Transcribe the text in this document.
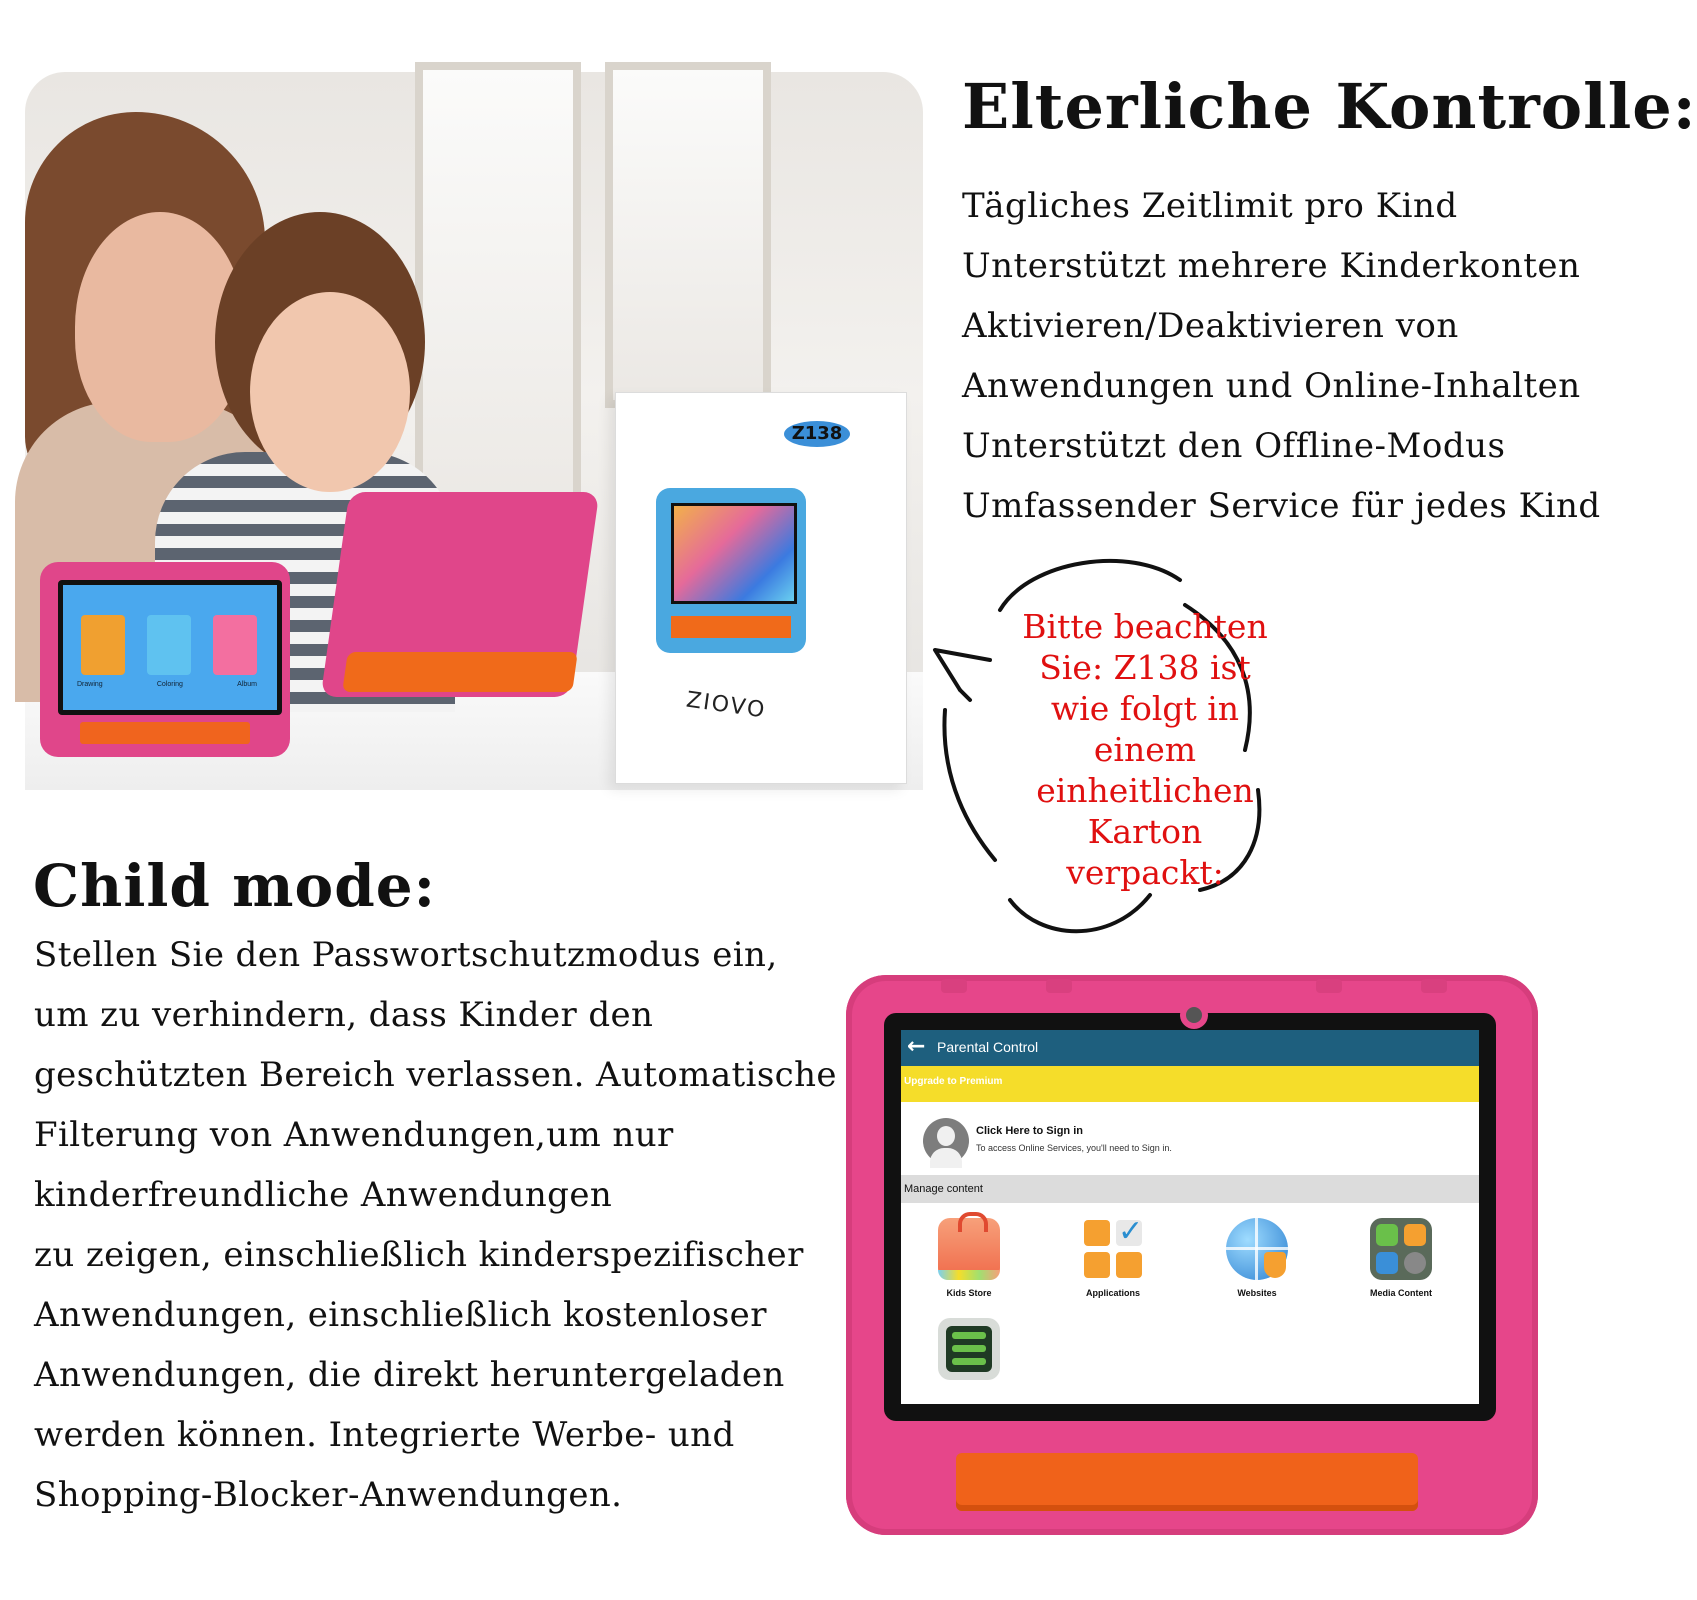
Drawing	Coloring	Album
Z138
ZIOVO
Elterliche Kontrolle:
Tägliches Zeitlimit pro Kind
Unterstützt mehrere Kinderkonten
Aktivieren/Deaktivieren von
Anwendungen und Online-Inhalten
Unterstützt den Offline-Modus
Umfassender Service für jedes Kind
Bitte beachten Sie: Z138 ist wie folgt in einem einheitlichen Karton verpackt:
Child mode:
Stellen Sie den Passwortschutzmodus ein,
um zu verhindern, dass Kinder den
geschützten Bereich verlassen. Automatische
Filterung von Anwendungen,um nur
kinderfreundliche Anwendungen
zu zeigen, einschließlich kinderspezifischer
Anwendungen, einschließlich kostenloser
Anwendungen, die direkt heruntergeladen
werden können. Integrierte Werbe- und
Shopping-Blocker-Anwendungen.
← Parental Control
Upgrade to Premium
Click Here to Sign in
To access Online Services, you'll need to Sign in.
Manage content
Kids Store
✓
Applications	Websites	Media Content
